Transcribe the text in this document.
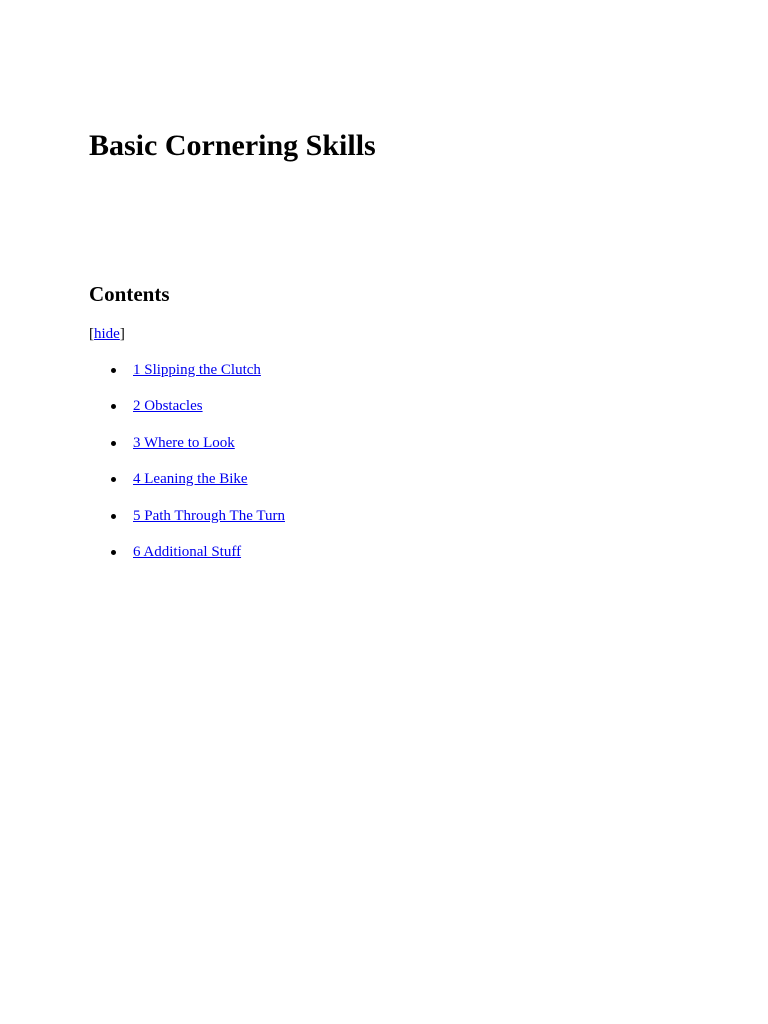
Basic Cornering Skills
Contents
[hide]
1 Slipping the Clutch
2 Obstacles
3 Where to Look
4 Leaning the Bike
5 Path Through The Turn
6 Additional Stuff
